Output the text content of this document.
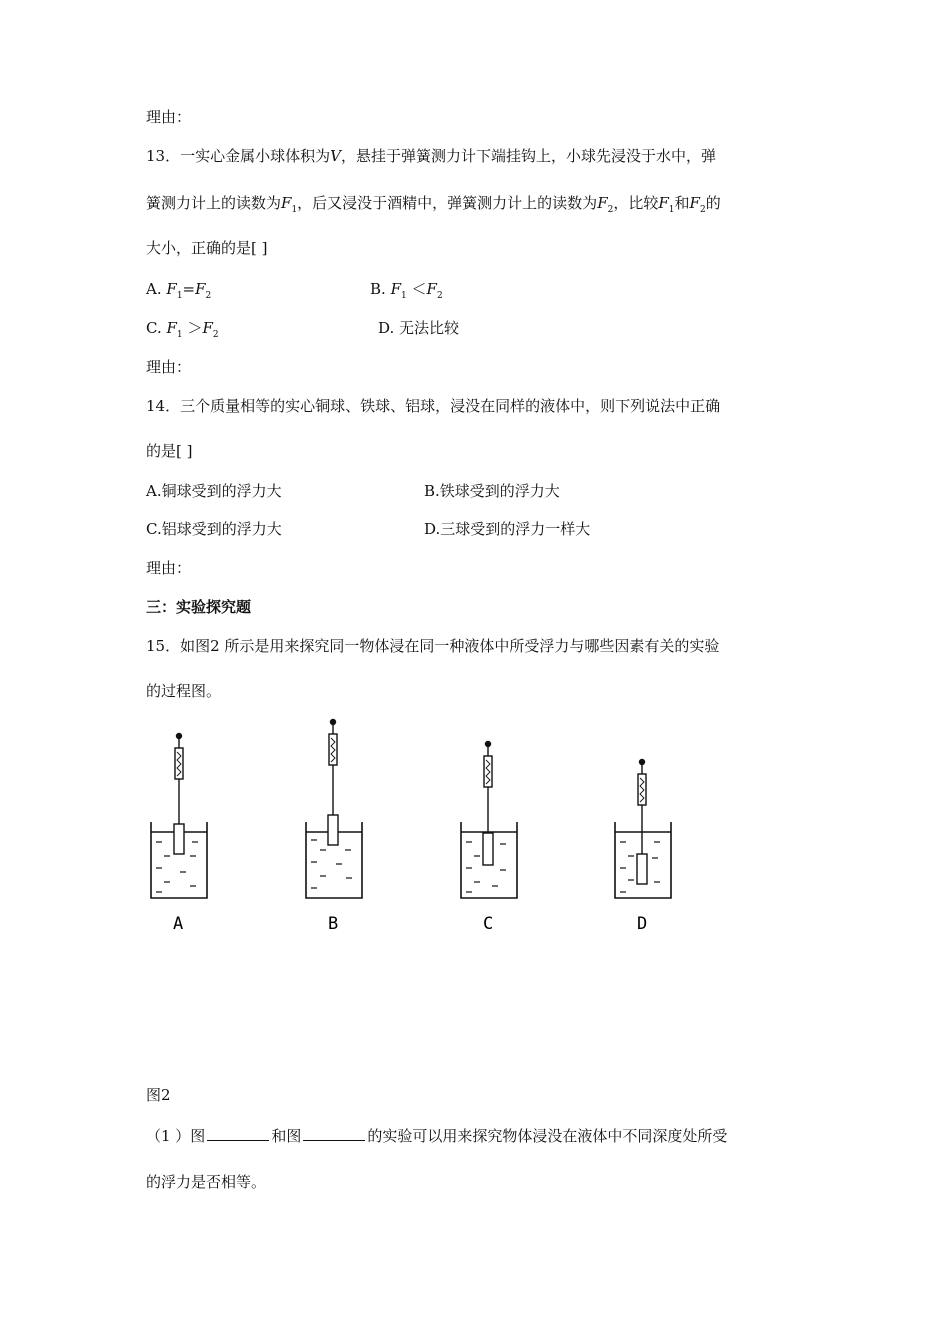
理由：
13．一实心金属小球体积为V，悬挂于弹簧测力计下端挂钩上，小球先浸没于水中，弹
簧测力计上的读数为$F_1$，后又浸没于酒精中，弹簧测力计上的读数为$F_2$，比较$F_1$和$F_2$的
大小，正确的是[ ]
A. $F_1=F_2$	B. $F_1 <F_2$
C. $F_1 >F_2$	D. 无法比较
理由：
14．三个质量相等的实心铜球、铁球、铝球，浸没在同样的液体中，则下列说法中正确
的是[ ]
A.铜球受到的浮力大	B.铁球受到的浮力大
C.铝球受到的浮力大	D.三球受到的浮力一样大
理由：
三：实验探究题
15．如图2 所示是用来探究同一物体浸在同一种液体中所受浮力与哪些因素有关的实验
的过程图。
A	B	C	D
图2
（1 ）图	和图	的实验可以用来探究物体浸没在液体中不同深度处所受
的浮力是否相等。
